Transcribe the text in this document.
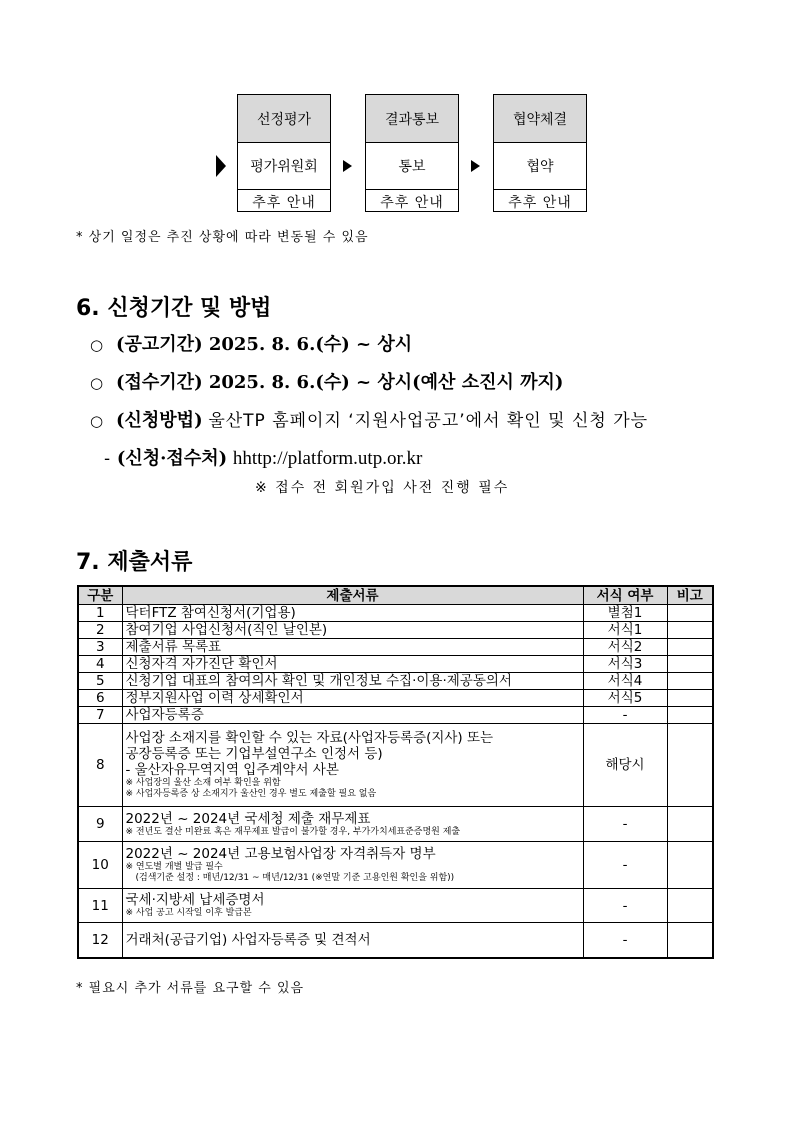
선정평가
평가위원회
추후 안내
결과통보
통보
추후 안내
협약체결
협약
추후 안내
* 상기 일정은 추진 상황에 따라 변동될 수 있음
6. 신청기간 및 방법
○ (공고기간) 2025. 8. 6.(수) ~ 상시
○ (접수기간) 2025. 8. 6.(수) ~ 상시(예산 소진시 까지)
○ (신청방법) 울산TP 홈페이지 ‘지원사업공고’에서 확인 및 신청 가능
- (신청·접수처) hhttp://platform.utp.or.kr
※ 접수 전 회원가입 사전 진행 필수
7. 제출서류
구분	제출서류	서식 여부	비고
1	닥터FTZ 참여신청서(기업용)	별첨1	
2	참여기업 사업신청서(직인 날인본)	서식1	
3	제출서류 목록표	서식2	
4	신청자격 자가진단 확인서	서식3	
5	신청기업 대표의 참여의사 확인 및 개인정보 수집·이용·제공동의서	서식4	
6	정부지원사업 이력 상세확인서	서식5	
7	사업자등록증	-	
8	사업장 소재지를 확인할 수 있는 자료(사업자등록증(지사) 또는
공장등록증 또는 기업부설연구소 인정서 등)
- 울산자유무역지역 입주계약서 사본
※ 사업장의 울산 소재 여부 확인을 위함
※ 사업자등록증 상 소재지가 울산인 경우 별도 제출할 필요 없음	해당시	
9	2022년 ~ 2024년 국세청 제출 재무제표
※ 전년도 결산 미완료 혹은 재무제표 발급이 불가할 경우, 부가가치세표준증명원 제출	-	
10	2022년 ~ 2024년 고용보험사업장 자격취득자 명부
※ 연도별 개별 발급 필수
(검색기준 설정 : 매년/12/31 ~ 매년/12/31 (※연말 기준 고용인원 확인을 위함))	-	
11	국세·지방세 납세증명서
※ 사업 공고 시작일 이후 발급본	-	
12	거래처(공급기업) 사업자등록증 및 견적서	-	
* 필요시 추가 서류를 요구할 수 있음
